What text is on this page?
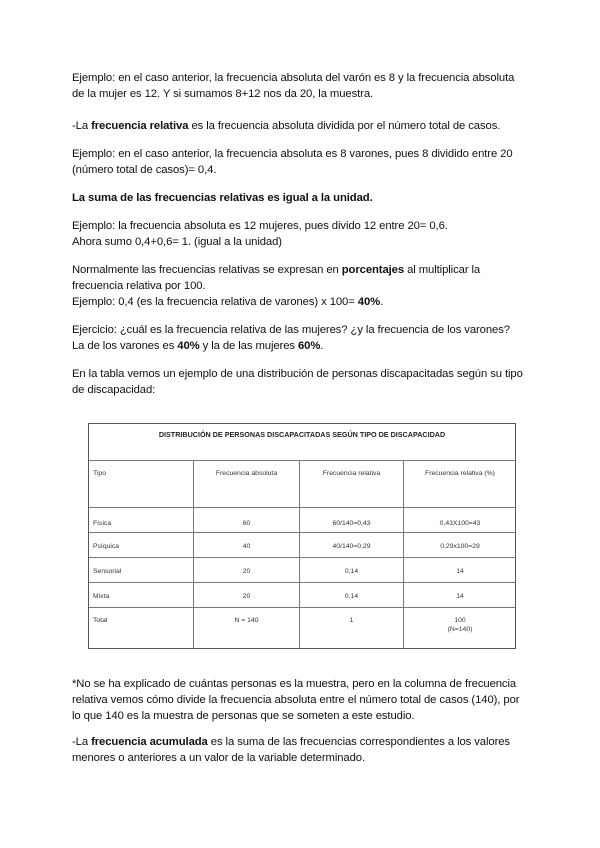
Ejemplo: en el caso anterior, la frecuencia absoluta del varón es 8 y la frecuencia absoluta
de la mujer es 12. Y si sumamos 8+12 nos da 20, la muestra.
-La frecuencia relativa es la frecuencia absoluta dividida por el número total de casos.
Ejemplo: en el caso anterior, la frecuencia absoluta es 8 varones, pues 8 dividido entre 20
(número total de casos)= 0,4.
La suma de las frecuencias relativas es igual a la unidad.
Ejemplo: la frecuencia absoluta es 12 mujeres, pues divido 12 entre 20= 0,6.
Ahora sumo 0,4+0,6= 1. (igual a la unidad)
Normalmente las frecuencias relativas se expresan en porcentajes al multiplicar la
frecuencia relativa por 100.
Ejemplo: 0,4 (es la frecuencia relativa de varones) x 100= 40%.
Ejercicio: ¿cuál es la frecuencia relativa de las mujeres? ¿y la frecuencia de los varones?
La de los varones es 40% y la de las mujeres 60%.
En la tabla vemos un ejemplo de una distribución de personas discapacitadas según su tipo
de discapacidad:
DISTRIBUCIÓN DE PERSONAS DISCAPACITADAS SEGÚN TIPO DE DISCAPACIDAD
Tipo	Frecuencia absoluta	Frecuencia relativa	Frecuencia relativa (%)
Física	60	60/140=0,43	0,43X100=43
Psíquica	40	40/140=0,29	0,29x100=29
Sensorial	20	0,14	14
Mixta	20	0,14	14
Total	N = 140	1	100
(N=140)
*No se ha explicado de cuántas personas es la muestra, pero en la columna de frecuencia
relativa vemos cómo divide la frecuencia absoluta entre el número total de casos (140), por
lo que 140 es la muestra de personas que se someten a este estudio.
-La frecuencia acumulada es la suma de las frecuencias correspondientes a los valores
menores o anteriores a un valor de la variable determinado.
